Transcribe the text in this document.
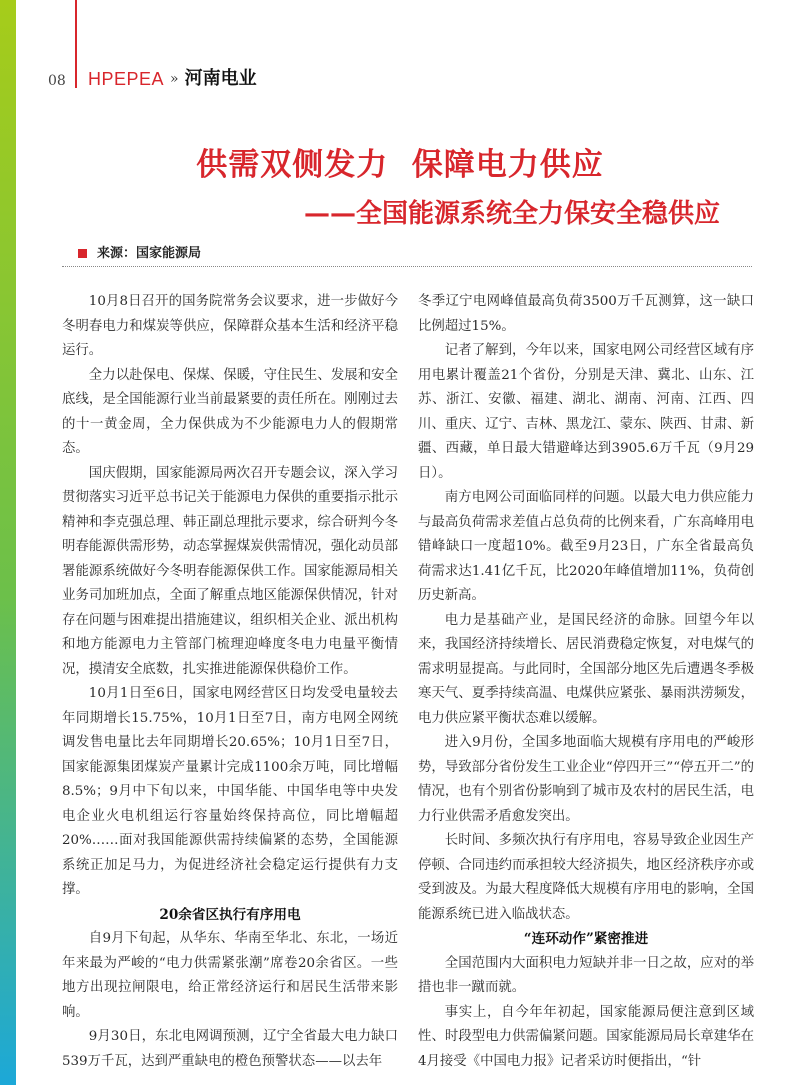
08 HPEPEA » 河南电业
供需双侧发力  保障电力供应
——全国能源系统全力保安全稳供应
来源：国家能源局

10月8日召开的国务院常务会议要求，进一步做好今冬明春电力和煤炭等供应，保障群众基本生活和经济平稳运行。

全力以赴保电、保煤、保暖，守住民生、发展和安全底线，是全国能源行业当前最紧要的责任所在。刚刚过去的十一黄金周，全力保供成为不少能源电力人的假期常态。

国庆假期，国家能源局两次召开专题会议，深入学习贯彻落实习近平总书记关于能源电力保供的重要指示批示精神和李克强总理、韩正副总理批示要求，综合研判今冬明春能源供需形势，动态掌握煤炭供需情况，强化动员部署能源系统做好今冬明春能源保供工作。国家能源局相关业务司加班加点，全面了解重点地区能源保供情况，针对存在问题与困难提出措施建议，组织相关企业、派出机构和地方能源电力主管部门梳理迎峰度冬电力电量平衡情况，摸清安全底数，扎实推进能源保供稳价工作。

10月1日至6日，国家电网经营区日均发受电量较去年同期增长15.75%，10月1日至7日，南方电网全网统调发售电量比去年同期增长20.65%；10月1日至7日，国家能源集团煤炭产量累计完成1100余万吨，同比增幅8.5%；9月中下旬以来，中国华能、中国华电等中央发电企业火电机组运行容量始终保持高位，同比增幅超20%……面对我国能源供需持续偏紧的态势，全国能源系统正加足马力，为促进经济社会稳定运行提供有力支撑。

20余省区执行有序用电

自9月下旬起，从华东、华南至华北、东北，一场近年来最为严峻的“电力供需紧张潮”席卷20余省区。一些地方出现拉闸限电，给正常经济运行和居民生活带来影响。

9月30日，东北电网调预测，辽宁全省最大电力缺口539万千瓦，达到严重缺电的橙色预警状态——以去年

冬季辽宁电网峰值最高负荷3500万千瓦测算，这一缺口比例超过15%。

记者了解到，今年以来，国家电网公司经营区域有序用电累计覆盖21个省份，分别是天津、冀北、山东、江苏、浙江、安徽、福建、湖北、湖南、河南、江西、四川、重庆、辽宁、吉林、黑龙江、蒙东、陕西、甘肃、新疆、西藏，单日最大错避峰达到3905.6万千瓦（9月29日）。

南方电网公司面临同样的问题。以最大电力供应能力与最高负荷需求差值占总负荷的比例来看，广东高峰用电错峰缺口一度超10%。截至9月23日，广东全省最高负荷需求达1.41亿千瓦，比2020年峰值增加11%，负荷创历史新高。

电力是基础产业，是国民经济的命脉。回望今年以来，我国经济持续增长、居民消费稳定恢复，对电煤气的需求明显提高。与此同时，全国部分地区先后遭遇冬季极寒天气、夏季持续高温、电煤供应紧张、暴雨洪涝频发，电力供应紧平衡状态难以缓解。

进入9月份，全国多地面临大规模有序用电的严峻形势，导致部分省份发生工业企业“停四开三”“停五开二”的情况，也有个别省份影响到了城市及农村的居民生活，电力行业供需矛盾愈发突出。

长时间、多频次执行有序用电，容易导致企业因生产停顿、合同违约而承担较大经济损失，地区经济秩序亦或受到波及。为最大程度降低大规模有序用电的影响，全国能源系统已进入临战状态。

“连环动作”紧密推进

全国范围内大面积电力短缺并非一日之故，应对的举措也非一蹴而就。

事实上，自今年年初起，国家能源局便注意到区域性、时段型电力供需偏紧问题。国家能源局局长章建华在4月接受《中国电力报》记者采访时便指出，“针
